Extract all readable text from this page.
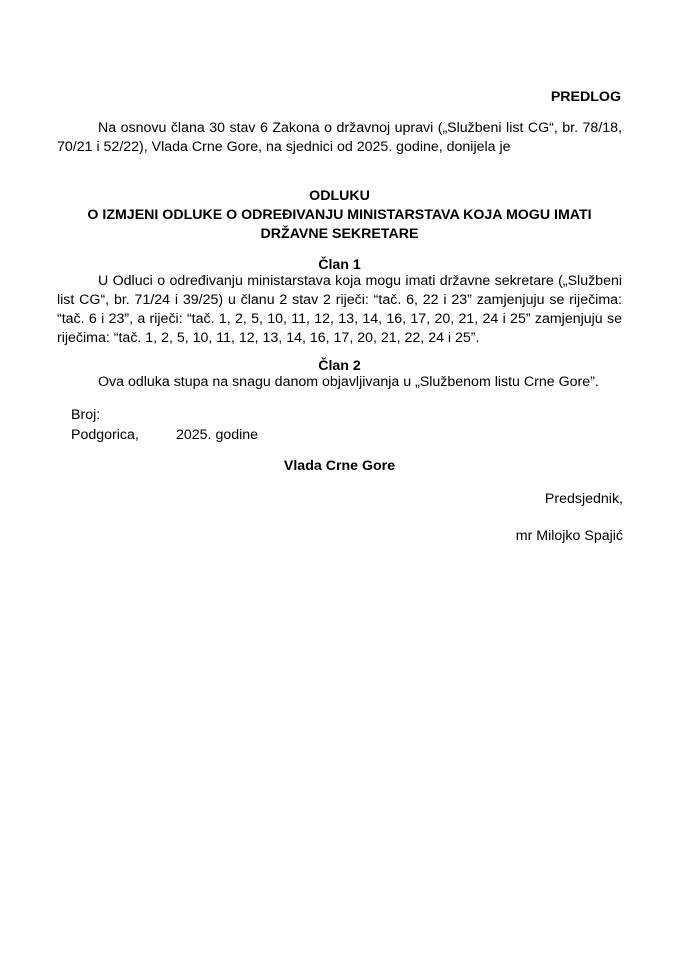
PREDLOG
Na osnovu člana 30 stav 6 Zakona o državnoj upravi („Službeni list CG“, br. 78/18, 70/21 i 52/22), Vlada Crne Gore, na sjednici od 2025. godine, donijela je
ODLUKU
O IZMJENI ODLUKE O ODREĐIVANJU MINISTARSTAVA KOJA MOGU IMATI
DRŽAVNE SEKRETARE
Član 1
U Odluci o određivanju ministarstava koja mogu imati državne sekretare („Službeni list CG“, br. 71/24 i 39/25) u članu 2 stav 2 riječi: “tač. 6, 22 i 23” zamjenjuju se riječima: “tač. 6 i 23”, a riječi: “tač. 1, 2, 5, 10, 11, 12, 13, 14, 16, 17, 20, 21, 24 i 25” zamjenjuju se riječima: “tač. 1, 2, 5, 10, 11, 12, 13, 14, 16, 17, 20, 21, 22, 24 i 25”.
Član 2
Ova odluka stupa na snagu danom objavljivanja u „Službenom listu Crne Gore”.
Broj:
Podgorica,	2025. godine
Vlada Crne Gore
Predsjednik,
mr Milojko Spajić
